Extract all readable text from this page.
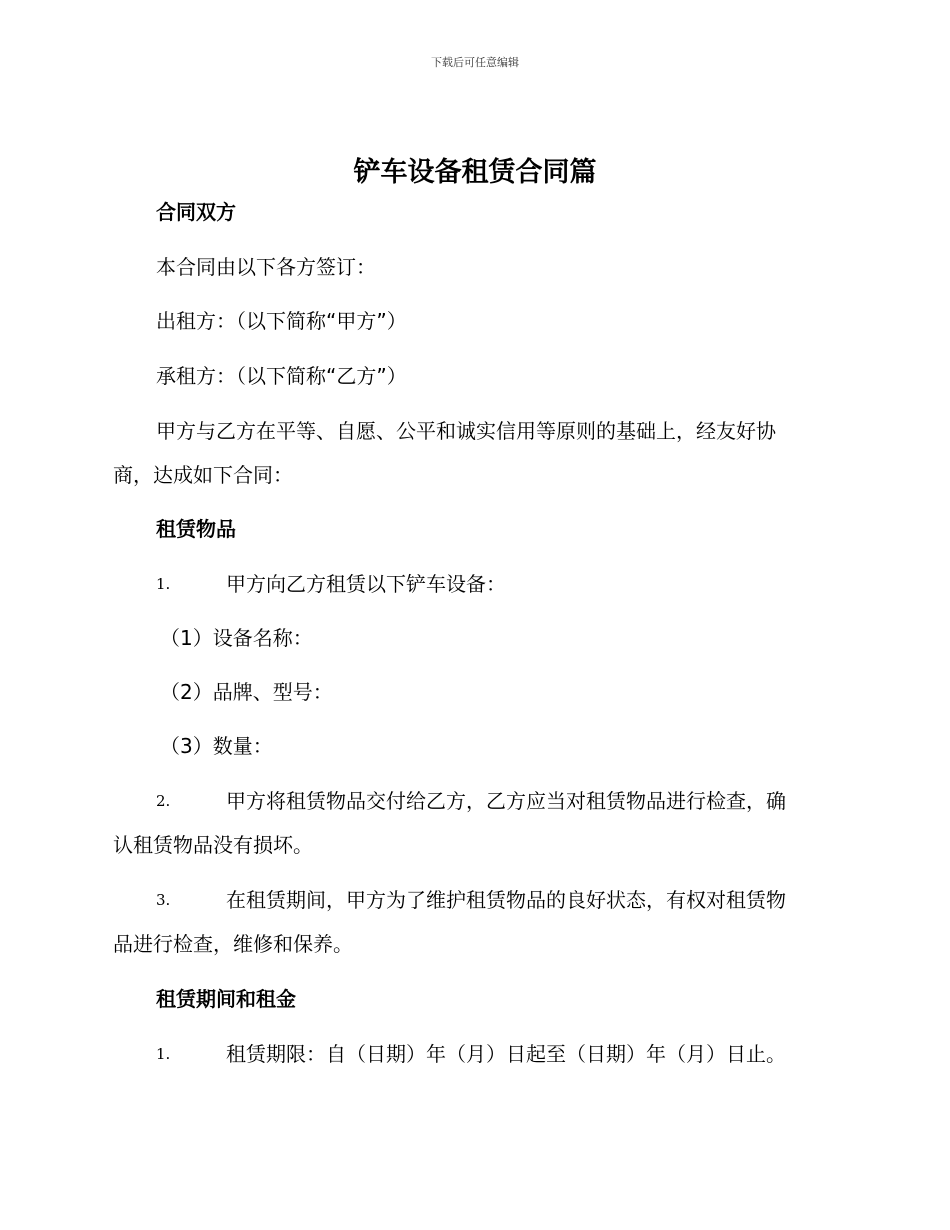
下载后可任意编辑
铲车设备租赁合同篇
合同双方
本合同由以下各方签订：
出租方：（以下简称“甲方”）
承租方：（以下简称“乙方”）
甲方与乙方在平等、自愿、公平和诚实信用等原则的基础上，经友好协
商，达成如下合同：
租赁物品
1.	甲方向乙方租赁以下铲车设备：
（1）设备名称：
（2）品牌、型号：
（3）数量：
2.	甲方将租赁物品交付给乙方，乙方应当对租赁物品进行检查，确
认租赁物品没有损坏。
3.	在租赁期间，甲方为了维护租赁物品的良好状态，有权对租赁物
品进行检查，维修和保养。
租赁期间和租金
1.	租赁期限：自（日期）年（月）日起至（日期）年（月）日止。
